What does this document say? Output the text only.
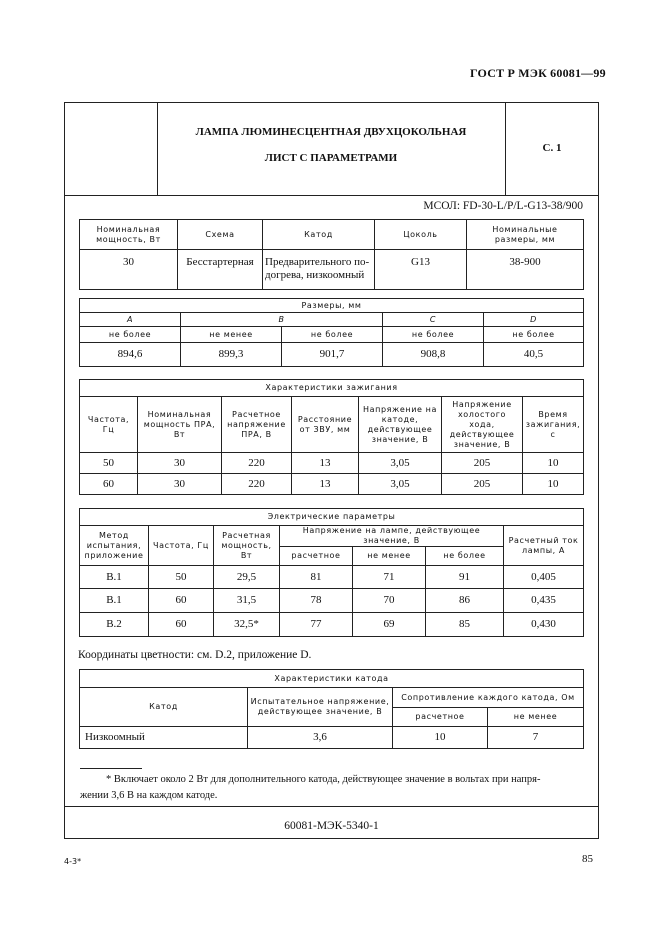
ГОСТ Р МЭК 60081—99
ЛАМПА ЛЮМИНЕСЦЕНТНАЯ ДВУХЦОКОЛЬНАЯ
ЛИСТ С ПАРАМЕТРАМИ
С. 1
МСОЛ: FD-30-L/P/L-G13-38/900
Номинальная мощность, Вт	Схема	Катод	Цоколь	Номинальные размеры, мм
30	Бесстартерная	Предварительного по-догрева, низкоомный	G13	38-900
Размеры, мм				
A	B		C	D
не более	не менее	не более	не более	не более
894,6	899,3	901,7	908,8	40,5
Характеристики зажигания						
Частота, Гц	Номинальная мощность ПРА, Вт	Расчетное напряжение ПРА, В	Расстояние от ЗВУ, мм	Напряжение на катоде, действующее значение, В	Напряжение холостого хода, действующее значение, В	Время зажигания, с
50	30	220	13	3,05	205	10
60	30	220	13	3,05	205	10
Электрические параметры						
Метод испытания, приложение	Частота, Гц	Расчетная мощность, Вт	Напряжение на лампе, действующее значение, В			Расчетный ток лампы, А
			расчетное	не менее	не более	
B.1	50	29,5	81	71	91	0,405
B.1	60	31,5	78	70	86	0,435
B.2	60	32,5*	77	69	85	0,430
Координаты цветности: см. D.2, приложение D.
Характеристики катода			
Катод	Испытательное напряжение, действующее значение, В	Сопротивление каждого катода, Ом	
		расчетное	не менее
Низкоомный	3,6	10	7
* Включает около 2 Вт для дополнительного катода, действующее значение в вольтах при напря-
жении 3,6 В на каждом катоде.
60081-МЭК-5340-1
4-3*	85
